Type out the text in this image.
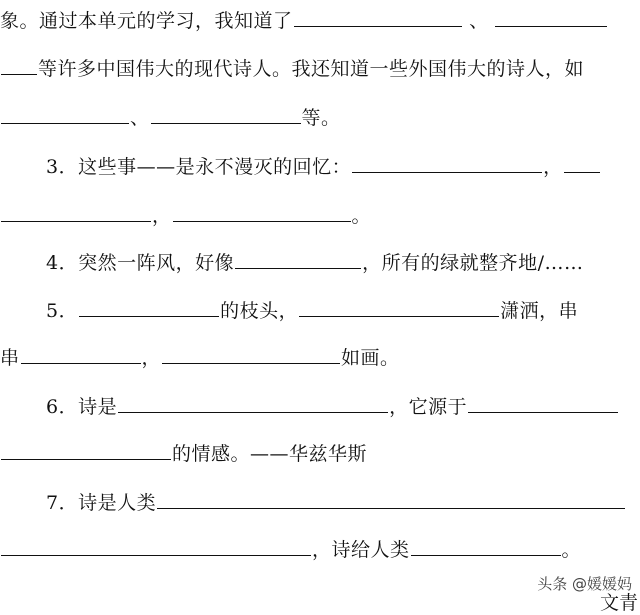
象。通过本单元的学习，我知道了	、
等许多中国伟大的现代诗人。我还知道一些外国伟大的诗人，如
、	等。
3．这些事——是永不漫灭的回忆：	，
，	。
4．突然一阵风，好像	，所有的绿就整齐地/……
5．	的枝头，	潇洒，串
串	，	如画。
6．诗是	，它源于
的情感。——华兹华斯
7．诗是人类
，诗给人类	。
头条 @媛媛妈
文青
